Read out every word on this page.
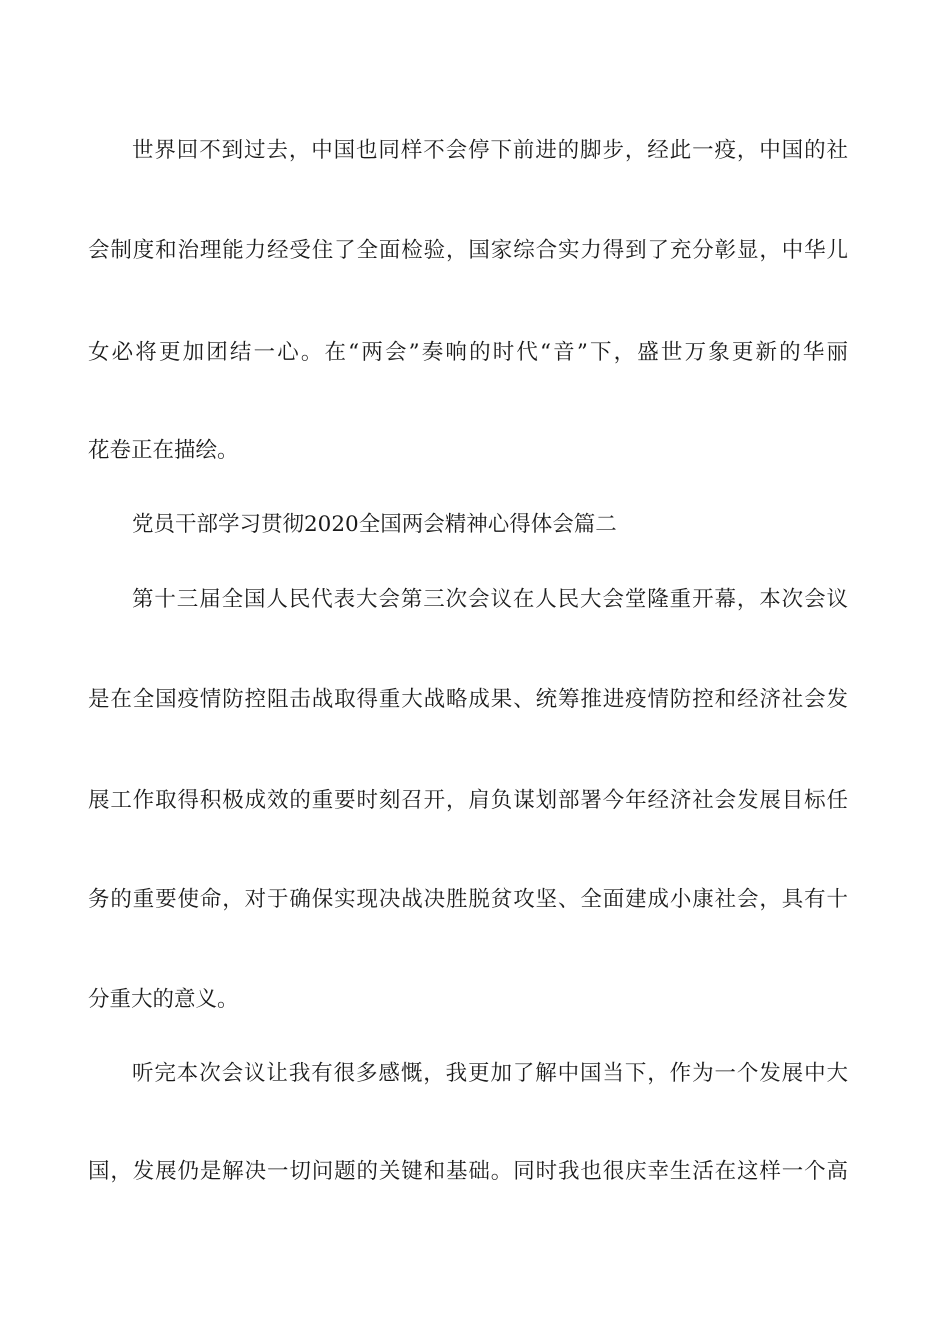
世界回不到过去，中国也同样不会停下前进的脚步，经此一疫，中国的社
会制度和治理能力经受住了全面检验，国家综合实力得到了充分彰显，中华儿
女必将更加团结一心。在“两会”奏响的时代“音”下，盛世万象更新的华丽
花卷正在描绘。
党员干部学习贯彻2020全国两会精神心得体会篇二
第十三届全国人民代表大会第三次会议在人民大会堂隆重开幕，本次会议
是在全国疫情防控阻击战取得重大战略成果、统筹推进疫情防控和经济社会发
展工作取得积极成效的重要时刻召开，肩负谋划部署今年经济社会发展目标任
务的重要使命，对于确保实现决战决胜脱贫攻坚、全面建成小康社会，具有十
分重大的意义。
听完本次会议让我有很多感慨，我更加了解中国当下，作为一个发展中大
国，发展仍是解决一切问题的关键和基础。同时我也很庆幸生活在这样一个高
